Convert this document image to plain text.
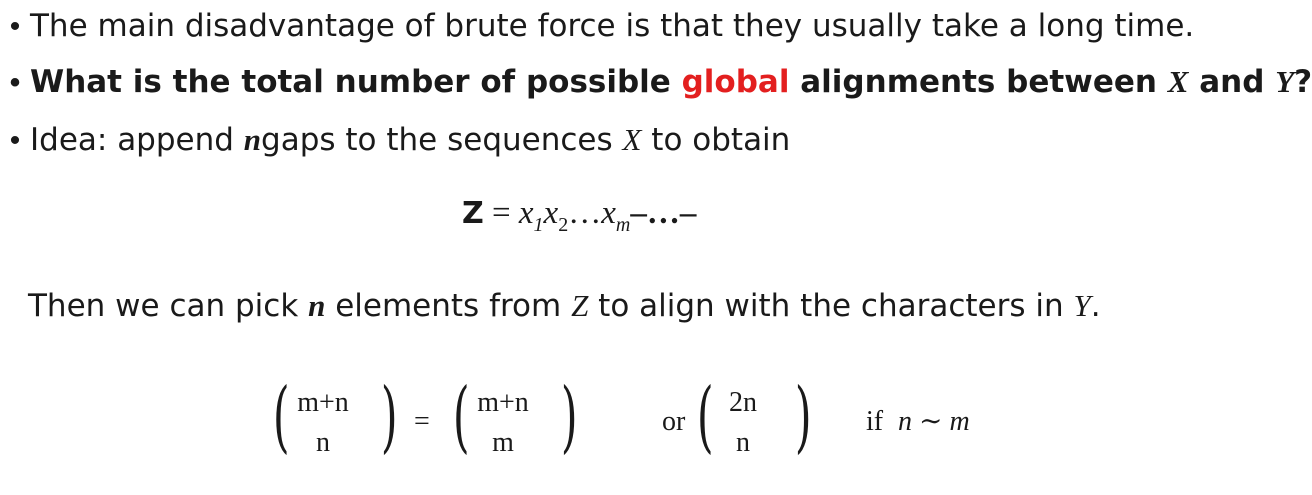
• The main disadvantage of brute force is that they usually take a long time.
• What is the total number of possible global alignments between X and Y?
• Idea: append ngaps to the sequences X to obtain
$Z = x_1x_2\dots x_m-\dots-$
Then we can pick n elements from Z to align with the characters in Y.
( m+n
n ) = ( m+n
m )	or ( 2n
n ) if n ∼ m
